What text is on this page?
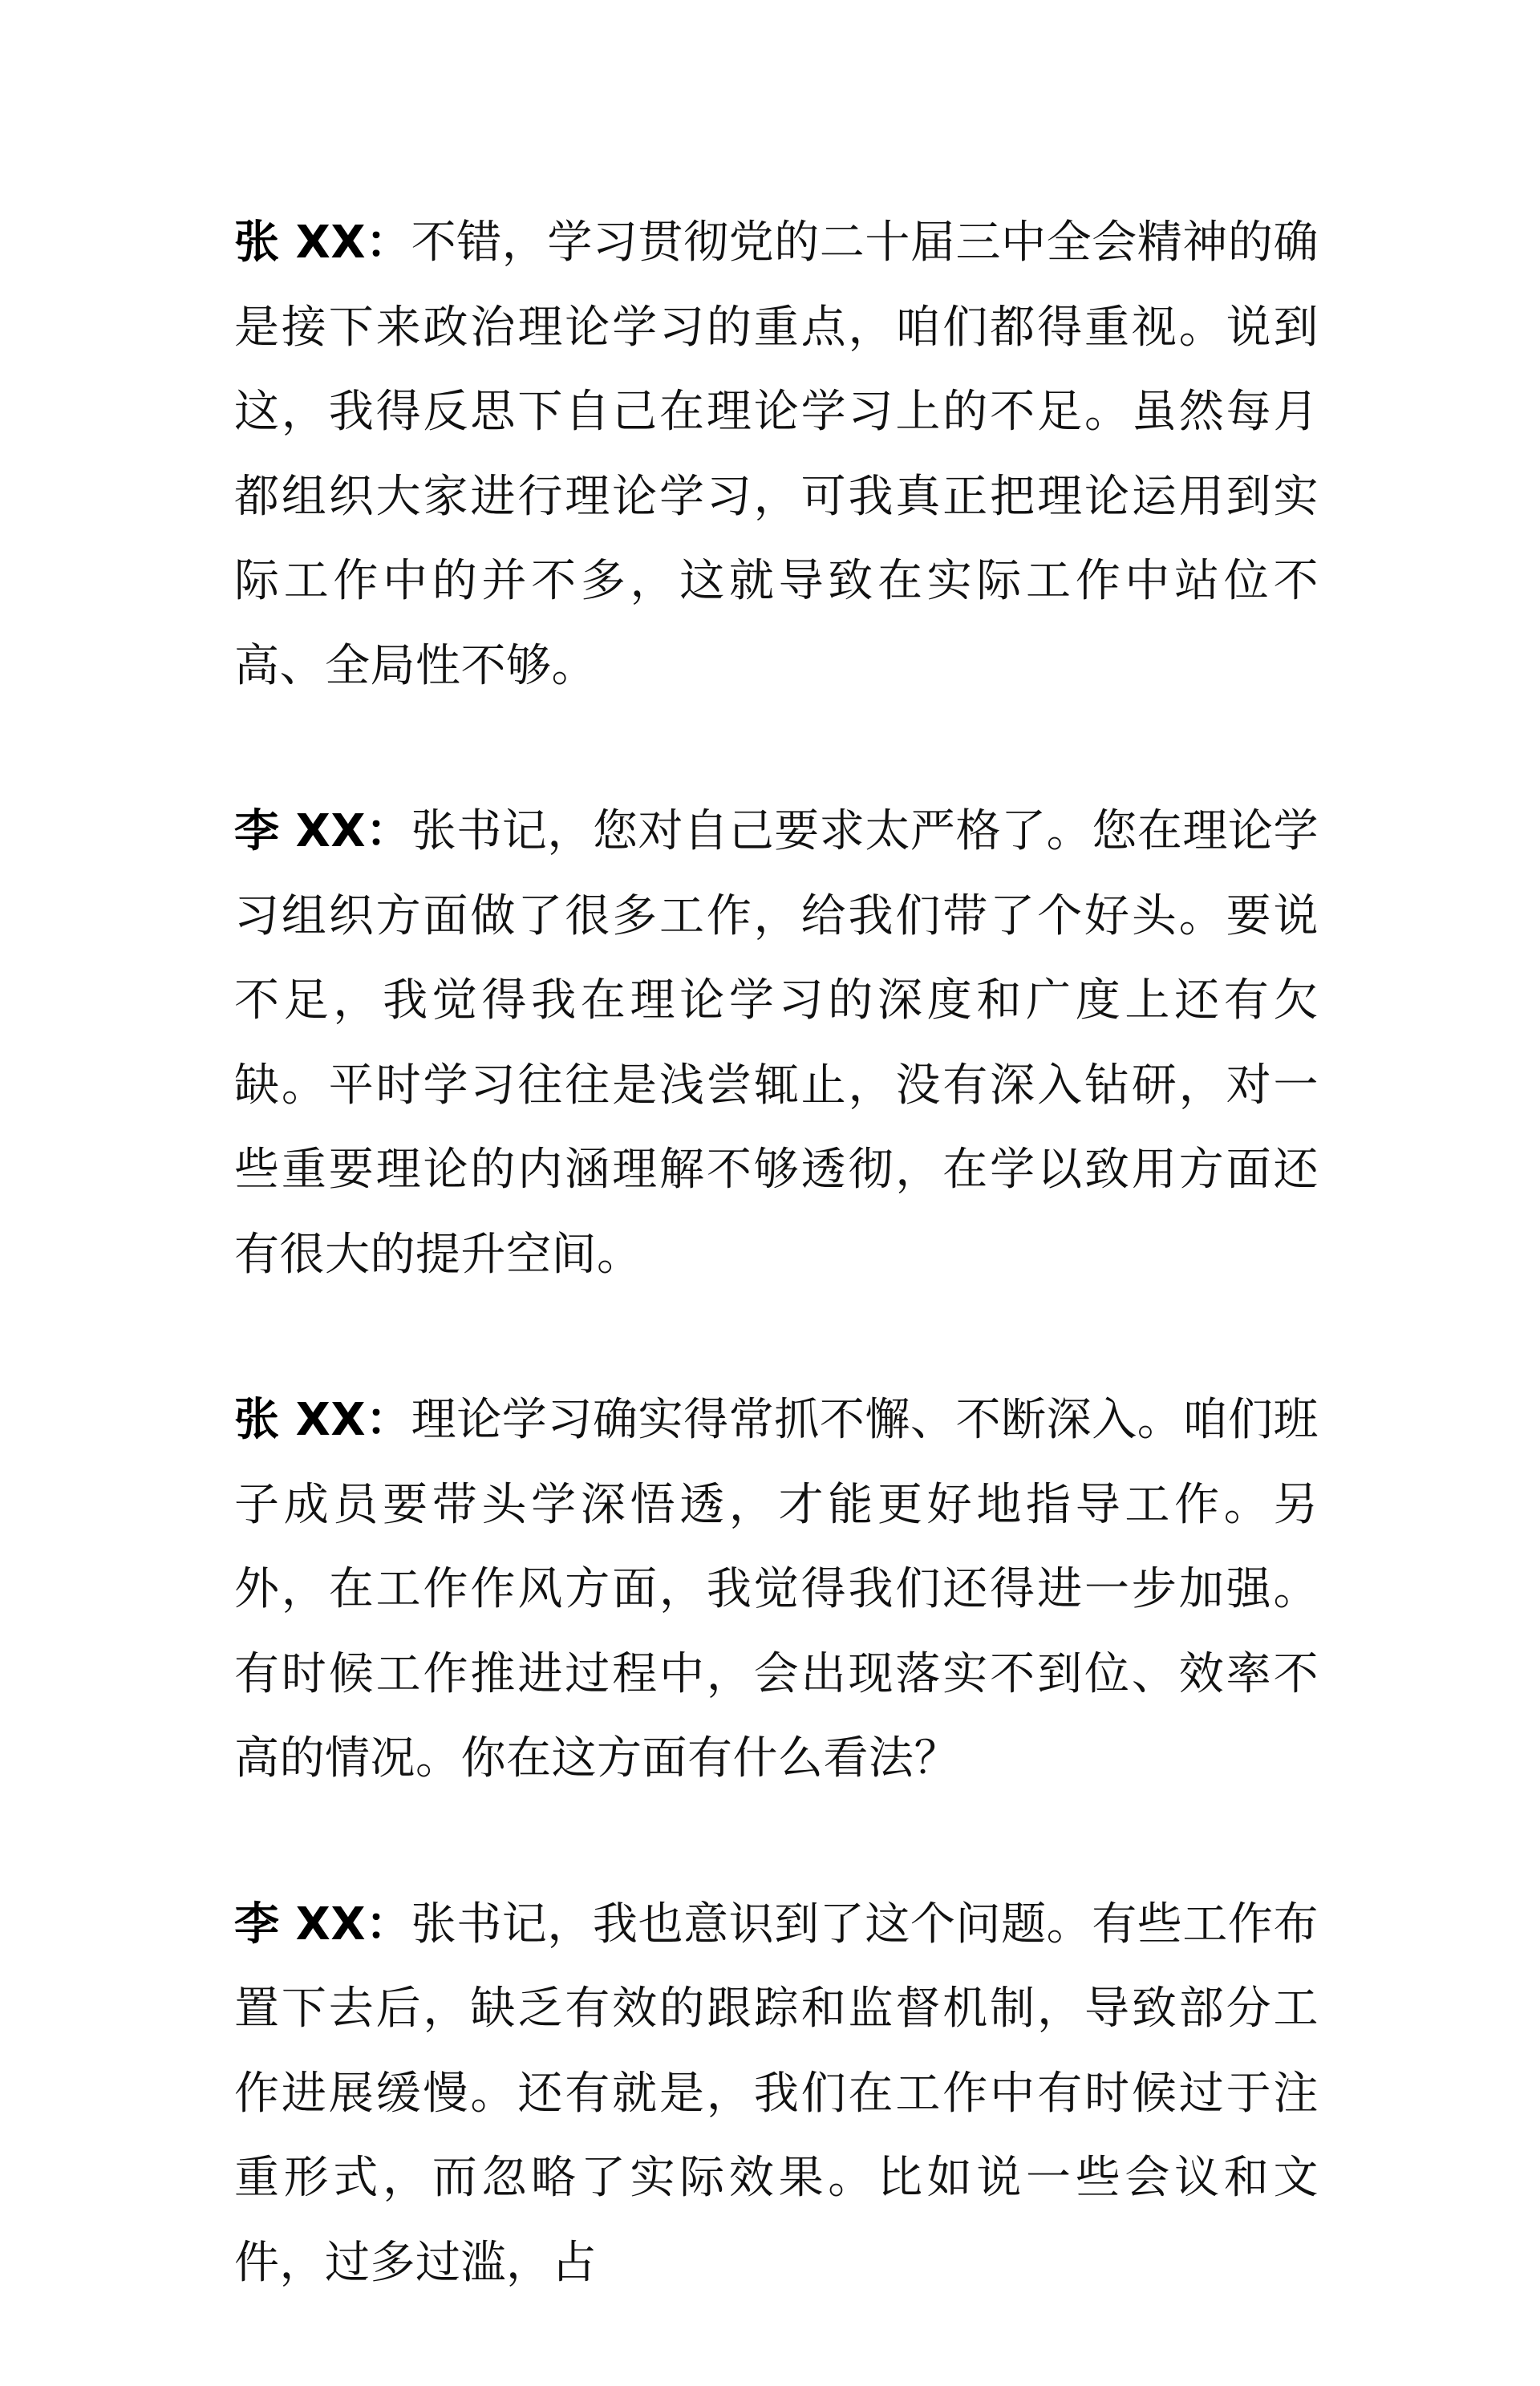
张 XX：不错，学习贯彻党的二十届三中全会精神的确是接下来政治理论学习的重点，咱们都得重视。说到这，我得反思下自己在理论学习上的不足。虽然每月都组织大家进行理论学习，可我真正把理论运用到实际工作中的并不多，这就导致在实际工作中站位不高、全局性不够。

李 XX：张书记，您对自己要求太严格了。您在理论学习组织方面做了很多工作，给我们带了个好头。要说不足，我觉得我在理论学习的深度和广度上还有欠缺。平时学习往往是浅尝辄止，没有深入钻研，对一些重要理论的内涵理解不够透彻，在学以致用方面还有很大的提升空间。

张 XX：理论学习确实得常抓不懈、不断深入。咱们班子成员要带头学深悟透，才能更好地指导工作。另外，在工作作风方面，我觉得我们还得进一步加强。有时候工作推进过程中，会出现落实不到位、效率不高的情况。你在这方面有什么看法？

李 XX：张书记，我也意识到了这个问题。有些工作布置下去后，缺乏有效的跟踪和监督机制，导致部分工作进展缓慢。还有就是，我们在工作中有时候过于注重形式，而忽略了实际效果。比如说一些会议和文件，过多过滥，占
